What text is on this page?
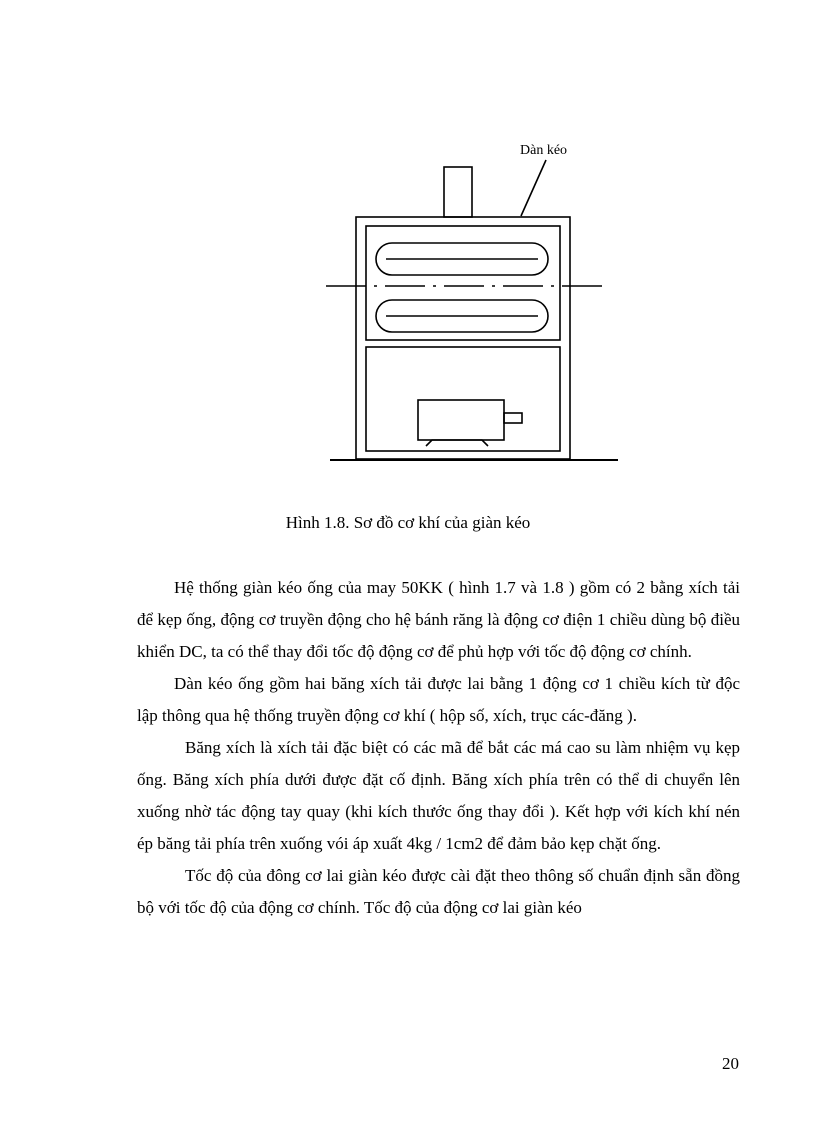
Dàn kéo
Hình 1.8. Sơ đồ cơ khí của giàn kéo

Hệ thống giàn kéo ống của may 50KK ( hình 1.7 và 1.8 ) gồm có 2 bằng xích tải để kẹp ống, động cơ truyền động cho hệ bánh răng là động cơ điện 1 chiều dùng bộ điều khiển DC, ta có thể thay đổi tốc độ động cơ để phủ hợp với tốc độ động cơ chính.

Dàn kéo ống gồm hai băng xích tải được lai bằng 1 động cơ 1 chiều kích từ độc lập thông qua hệ thống truyền động cơ khí ( hộp số, xích, trục các-đăng ).

Băng xích là xích tải đặc biệt có các mã để bắt các má cao su làm nhiệm vụ kẹp ống. Băng xích phía dưới được đặt cố định. Băng xích phía trên có thể di chuyển lên xuống nhờ tác động tay quay (khi kích thước ống thay đổi ). Kết hợp với kích khí nén ép băng tải phía trên xuống vói áp xuất 4kg / 1cm2 để đảm bảo kẹp chặt ống.

Tốc độ của đông cơ lai giàn kéo được cài đặt theo thông số chuẩn định sẵn đồng bộ với tốc độ của động cơ chính. Tốc độ của động cơ lai giàn kéo

20
